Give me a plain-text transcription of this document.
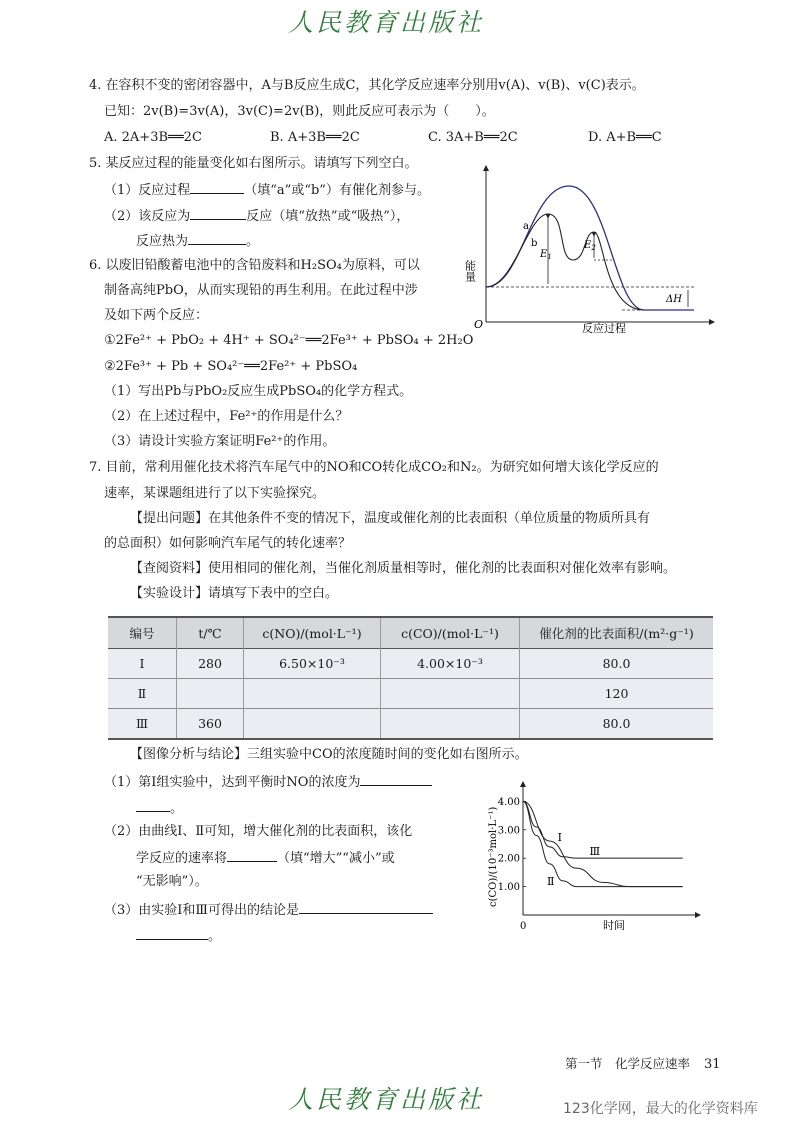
人民教育出版社
4. 在容积不变的密闭容器中，A与B反应生成C，其化学反应速率分别用v(A)、v(B)、v(C)表示。
已知：2v(B)=3v(A)，3v(C)=2v(B)，则此反应可表示为（　　）。
A. 2A+3B══2C	B. A+3B══2C	C. 3A+B══2C	D. A+B══C
5. 某反应过程的能量变化如右图所示。请填写下列空白。
（1）反应过程	（填“a”或“b”）有催化剂参与。
（2）该反应为	反应（填“放热”或“吸热”），
反应热为	。
能量
O	反应过程
a
b
$E_1$
$E_2$
ΔH
6. 以废旧铅酸蓄电池中的含铅废料和H₂SO₄为原料，可以
制备高纯PbO，从而实现铅的再生利用。在此过程中涉
及如下两个反应：
①2Fe²⁺ + PbO₂ + 4H⁺ + SO₄²⁻══2Fe³⁺ + PbSO₄ + 2H₂O
②2Fe³⁺ + Pb + SO₄²⁻══2Fe²⁺ + PbSO₄
（1）写出Pb与PbO₂反应生成PbSO₄的化学方程式。
（2）在上述过程中，Fe²⁺的作用是什么？
（3）请设计实验方案证明Fe²⁺的作用。
7. 目前，常利用催化技术将汽车尾气中的NO和CO转化成CO₂和N₂。为研究如何增大该化学反应的
速率，某课题组进行了以下实验探究。
【提出问题】在其他条件不变的情况下，温度或催化剂的比表面积（单位质量的物质所具有
的总面积）如何影响汽车尾气的转化速率？
【查阅资料】使用相同的催化剂，当催化剂质量相等时，催化剂的比表面积对催化效率有影响。
【实验设计】请填写下表中的空白。
编号	t/℃	c(NO)/(mol·L⁻¹)	c(CO)/(mol·L⁻¹)	催化剂的比表面积/(m²·g⁻¹)
Ⅰ	280	6.50×10⁻³	4.00×10⁻³	80.0
Ⅱ				120
Ⅲ	360			80.0
【图像分析与结论】三组实验中CO的浓度随时间的变化如右图所示。
（1）第Ⅰ组实验中，达到平衡时NO的浓度为
。
（2）由曲线Ⅰ、Ⅱ可知，增大催化剂的比表面积，该化
学反应的速率将	（填“增大”“减小”或
“无影响”）。
（3）由实验Ⅰ和Ⅲ可得出的结论是
。
1.00
2.00
3.00
4.00
0
Ⅰ
Ⅱ
Ⅲ
时间
c(CO)/(10⁻³mol·L⁻¹)
第一节　化学反应速率 31
人民教育出版社	123化学网，最大的化学资料库
